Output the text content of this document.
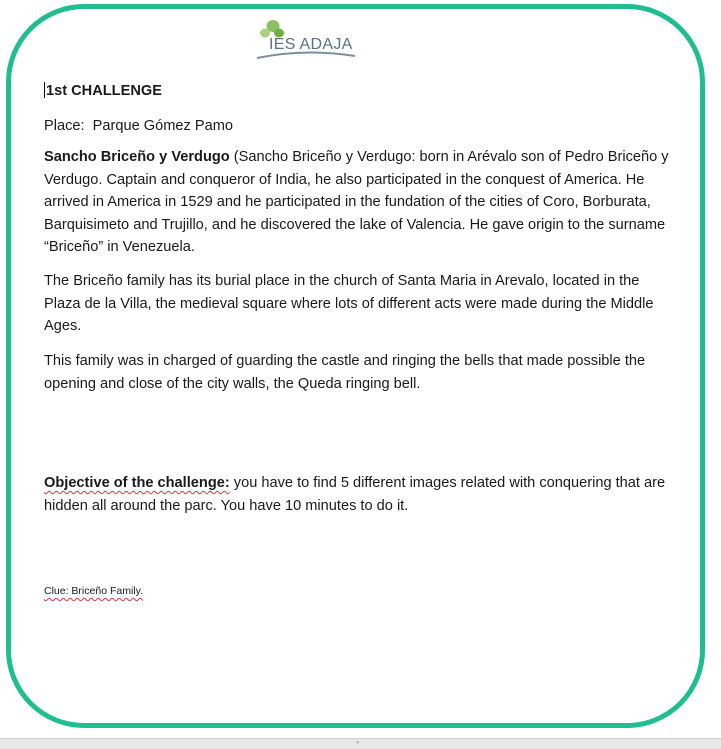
IES ADAJA

1st CHALLENGE

Place: Parque Gómez Pamo

Sancho Briceño y Verdugo (Sancho Briceño y Verdugo: born in Arévalo son of Pedro Briceño y Verdugo. Captain and conqueror of India, he also participated in the conquest of America. He arrived in America in 1529 and he participated in the fundation of the cities of Coro, Borburata, Barquisimeto and Trujillo, and he discovered the lake of Valencia. He gave origin to the surname “Briceño” in Venezuela.

The Briceño family has its burial place in the church of Santa Maria in Arevalo, located in the Plaza de la Villa, the medieval square where lots of different acts were made during the Middle Ages.

This family was in charged of guarding the castle and ringing the bells that made possible the opening and close of the city walls, the Queda ringing bell.

Objective of the challenge: you have to find 5 different images related with conquering that are hidden all around the parc. You have 10 minutes to do it.

Clue: Briceño Family.

◦
